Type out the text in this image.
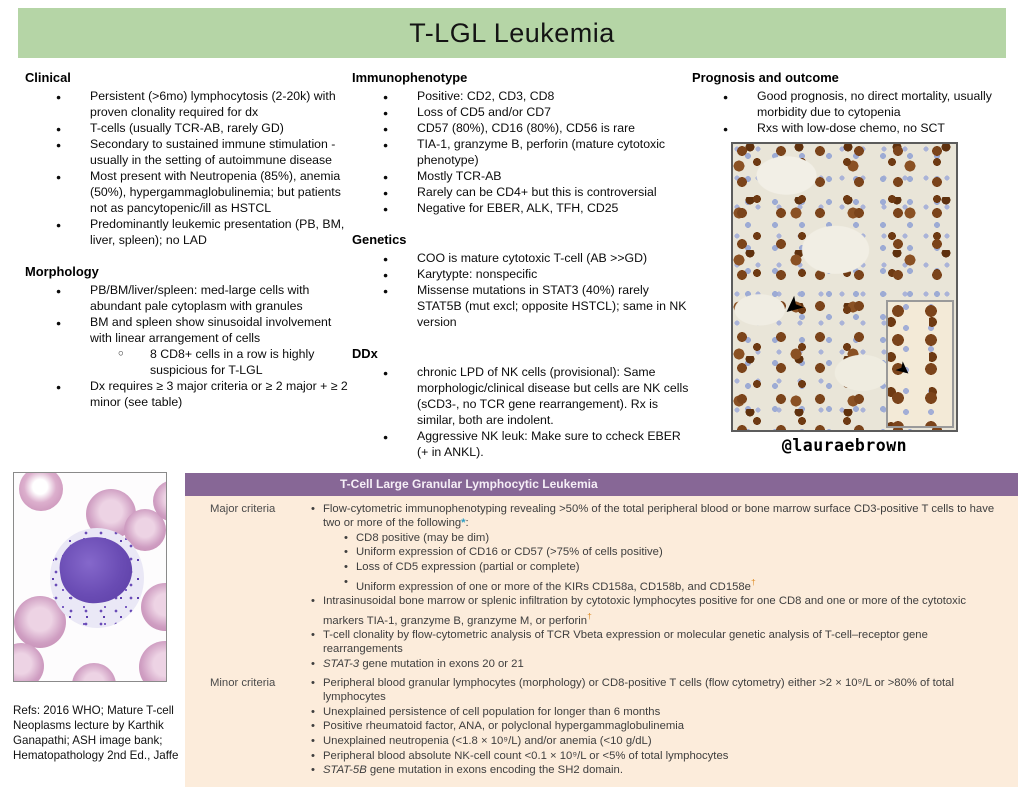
T-LGL Leukemia
Clinical
● Persistent (>6mo) lymphocytosis (2-20k) with proven clonality required for dx
● T-cells (usually TCR-AB, rarely GD)
● Secondary to sustained immune stimulation - usually in the setting of autoimmune disease
● Most present with Neutropenia (85%), anemia (50%), hypergammaglobulinemia; but patients not as pancytopenic/ill as HSTCL
● Predominantly leukemic presentation (PB, BM, liver, spleen); no LAD
Morphology
● PB/BM/liver/spleen: med-large cells with abundant pale cytoplasm with granules
● BM and spleen show sinusoidal involvement with linear arrangement of cells
○ 8 CD8+ cells in a row is highly suspicious for T-LGL
● Dx requires ≥ 3 major criteria or ≥ 2 major + ≥ 2 minor (see table)
Immunophenotype
● Positive: CD2, CD3, CD8
● Loss of CD5 and/or CD7
● CD57 (80%), CD16 (80%), CD56 is rare
● TIA-1, granzyme B, perforin (mature cytotoxic phenotype)
● Mostly TCR-AB
● Rarely can be CD4+ but this is controversial
● Negative for EBER, ALK, TFH, CD25
Genetics
● COO is mature cytotoxic T-cell (AB >>GD)
● Karytypte: nonspecific
● Missense mutations in STAT3 (40%) rarely STAT5B (mut excl; opposite HSTCL); same in NK version
DDx
● chronic LPD of NK cells (provisional): Same morphologic/clinical disease but cells are NK cells (sCD3-, no TCR gene rearrangement). Rx is similar, both are indolent.
● Aggressive NK leuk: Make sure to ccheck EBER (+ in ANKL).
Prognosis and outcome
● Good prognosis, no direct mortality, usually morbidity due to cytopenia
● Rxs with low-dose chemo, no SCT
➤
➤
@lauraebrown
Refs: 2016 WHO; Mature T-cell Neoplasms lecture by Karthik Ganapathi; ASH image bank; Hematopathology 2nd Ed., Jaffe
T-Cell Large Granular Lymphocytic Leukemia
Major criteria	• Flow-cytometric immunophenotyping revealing >50% of the total peripheral blood or bone marrow surface CD3-positive T cells to have two or more of the following*:
• CD8 positive (may be dim)
• Uniform expression of CD16 or CD57 (>75% of cells positive)
• Loss of CD5 expression (partial or complete)
• Uniform expression of one or more of the KIRs CD158a, CD158b, and CD158e†
• Intrasinusoidal bone marrow or splenic infiltration by cytotoxic lymphocytes positive for one CD8 and one or more of the cytotoxic markers TIA-1, granzyme B, granzyme M, or perforin†
• T-cell clonality by flow-cytometric analysis of TCR Vbeta expression or molecular genetic analysis of T-cell–receptor gene rearrangements
• STAT-3 gene mutation in exons 20 or 21
Minor criteria	• Peripheral blood granular lymphocytes (morphology) or CD8-positive T cells (flow cytometry) either >2 × 10⁹/L or >80% of total lymphocytes
• Unexplained persistence of cell population for longer than 6 months
• Positive rheumatoid factor, ANA, or polyclonal hypergammaglobulinemia
• Unexplained neutropenia (<1.8 × 10⁹/L) and/or anemia (<10 g/dL)
• Peripheral blood absolute NK-cell count <0.1 × 10⁹/L or <5% of total lymphocytes
• STAT-5B gene mutation in exons encoding the SH2 domain.
